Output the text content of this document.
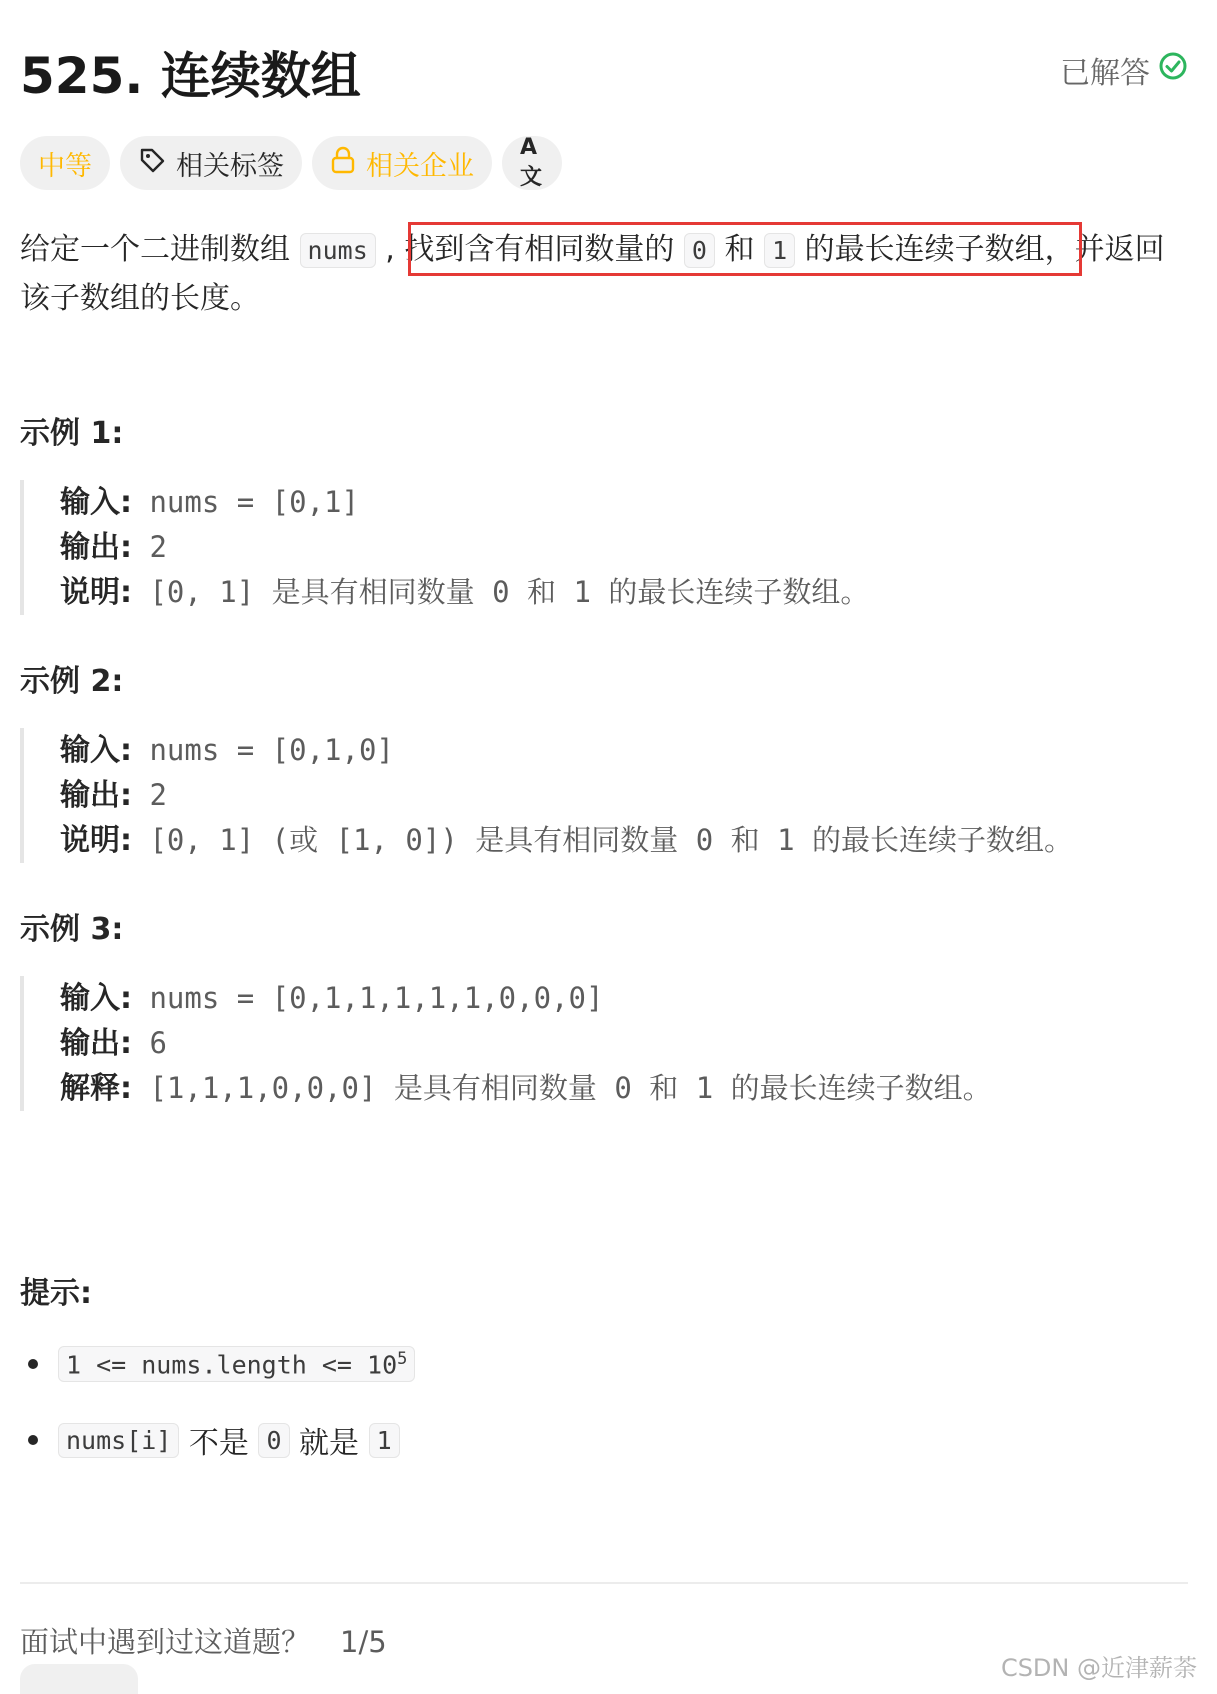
525. 连续数组	已解答
中等	相关标签	相关企业
A文
给定一个二进制数组 nums , 找到含有相同数量的 0 和 1 的最长连续子数组，并返回该子数组的长度。
示例 1:
输入: nums = [0,1]
输出: 2
说明: [0, 1] 是具有相同数量 0 和 1 的最长连续子数组。
示例 2:
输入: nums = [0,1,0]
输出: 2
说明: [0, 1] (或 [1, 0]) 是具有相同数量 0 和 1 的最长连续子数组。
示例 3:
输入: nums = [0,1,1,1,1,1,0,0,0]
输出: 6
解释: [1,1,1,0,0,0] 是具有相同数量 0 和 1 的最长连续子数组。
提示:
1 <= nums.length <= $10^5$
nums[i] 不是 0 就是 1
面试中遇到过这道题？ 1/5
CSDN @近津薪荼
